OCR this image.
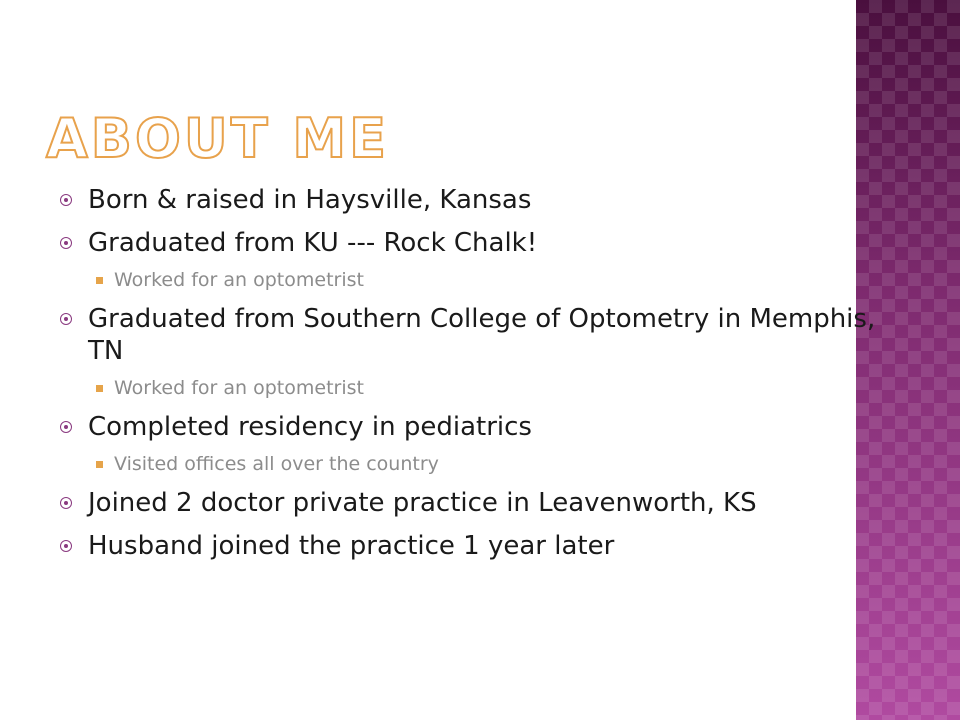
ABOUT ME
Born & raised in Haysville, Kansas
Graduated from KU --- Rock Chalk!
Worked for an optometrist
Graduated from Southern College of Optometry in Memphis, TN
Worked for an optometrist
Completed residency in pediatrics
Visited offices all over the country
Joined 2 doctor private practice in Leavenworth, KS
Husband joined the practice 1 year later
